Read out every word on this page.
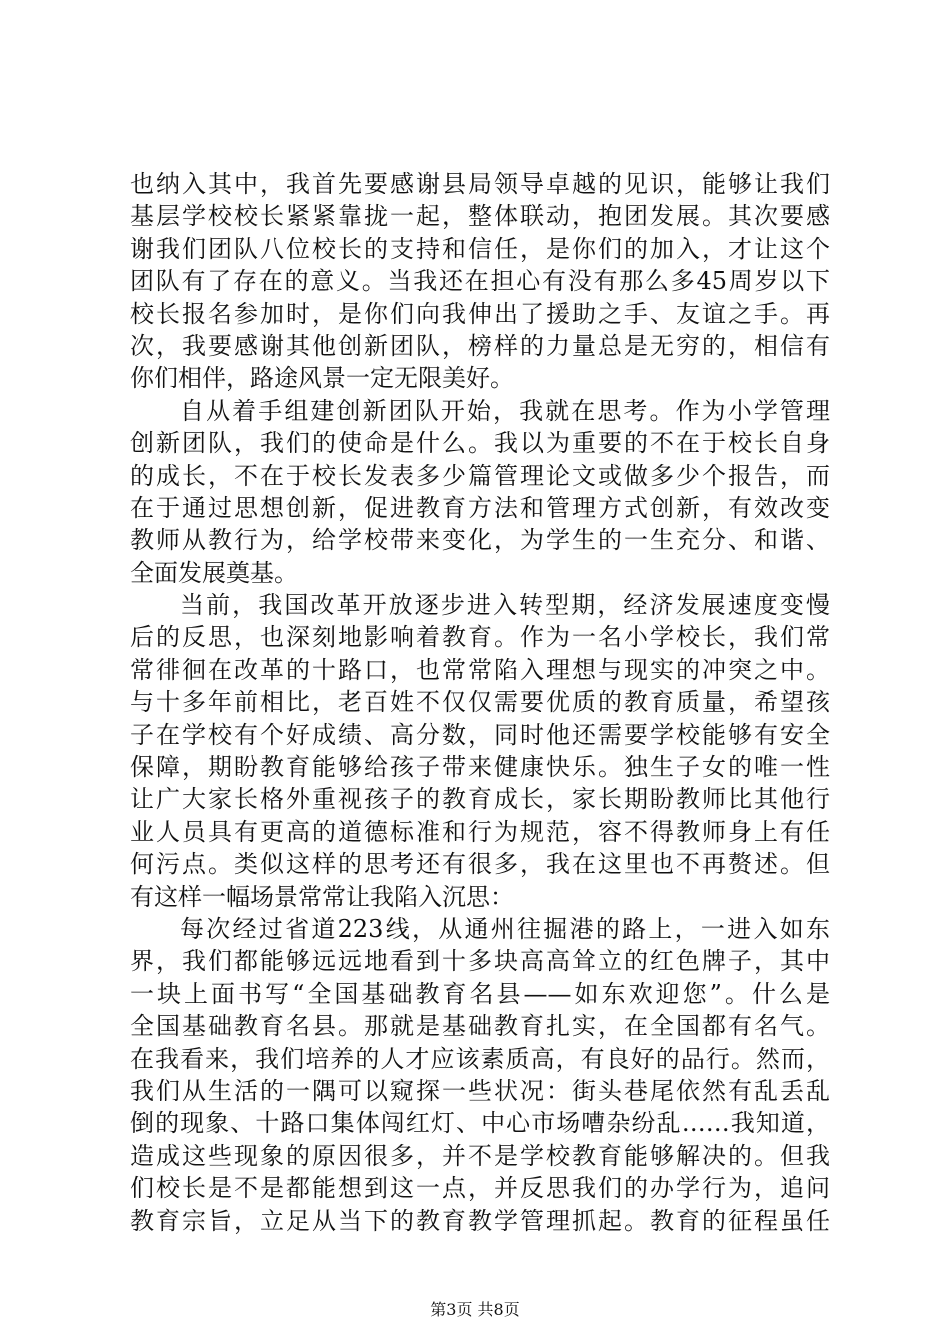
也纳入其中，我首先要感谢县局领导卓越的见识，能够让我们
基层学校校长紧紧靠拢一起，整体联动，抱团发展。其次要感
谢我们团队八位校长的支持和信任，是你们的加入，才让这个
团队有了存在的意义。当我还在担心有没有那么多45周岁以下
校长报名参加时，是你们向我伸出了援助之手、友谊之手。再
次，我要感谢其他创新团队，榜样的力量总是无穷的，相信有
你们相伴，路途风景一定无限美好。
自从着手组建创新团队开始，我就在思考。作为小学管理
创新团队，我们的使命是什么。我以为重要的不在于校长自身
的成长，不在于校长发表多少篇管理论文或做多少个报告，而
在于通过思想创新，促进教育方法和管理方式创新，有效改变
教师从教行为，给学校带来变化，为学生的一生充分、和谐、
全面发展奠基。
当前，我国改革开放逐步进入转型期，经济发展速度变慢
后的反思，也深刻地影响着教育。作为一名小学校长，我们常
常徘徊在改革的十路口，也常常陷入理想与现实的冲突之中。
与十多年前相比，老百姓不仅仅需要优质的教育质量，希望孩
子在学校有个好成绩、高分数，同时他还需要学校能够有安全
保障，期盼教育能够给孩子带来健康快乐。独生子女的唯一性
让广大家长格外重视孩子的教育成长，家长期盼教师比其他行
业人员具有更高的道德标准和行为规范，容不得教师身上有任
何污点。类似这样的思考还有很多，我在这里也不再赘述。但
有这样一幅场景常常让我陷入沉思：
每次经过省道223线，从通州往掘港的路上，一进入如东
界，我们都能够远远地看到十多块高高耸立的红色牌子，其中
一块上面书写“全国基础教育名县——如东欢迎您”。什么是
全国基础教育名县。那就是基础教育扎实，在全国都有名气。
在我看来，我们培养的人才应该素质高，有良好的品行。然而，
我们从生活的一隅可以窥探一些状况：街头巷尾依然有乱丢乱
倒的现象、十路口集体闯红灯、中心市场嘈杂纷乱……我知道，
造成这些现象的原因很多，并不是学校教育能够解决的。但我
们校长是不是都能想到这一点，并反思我们的办学行为，追问
教育宗旨，立足从当下的教育教学管理抓起。教育的征程虽任
第3页 共8页
